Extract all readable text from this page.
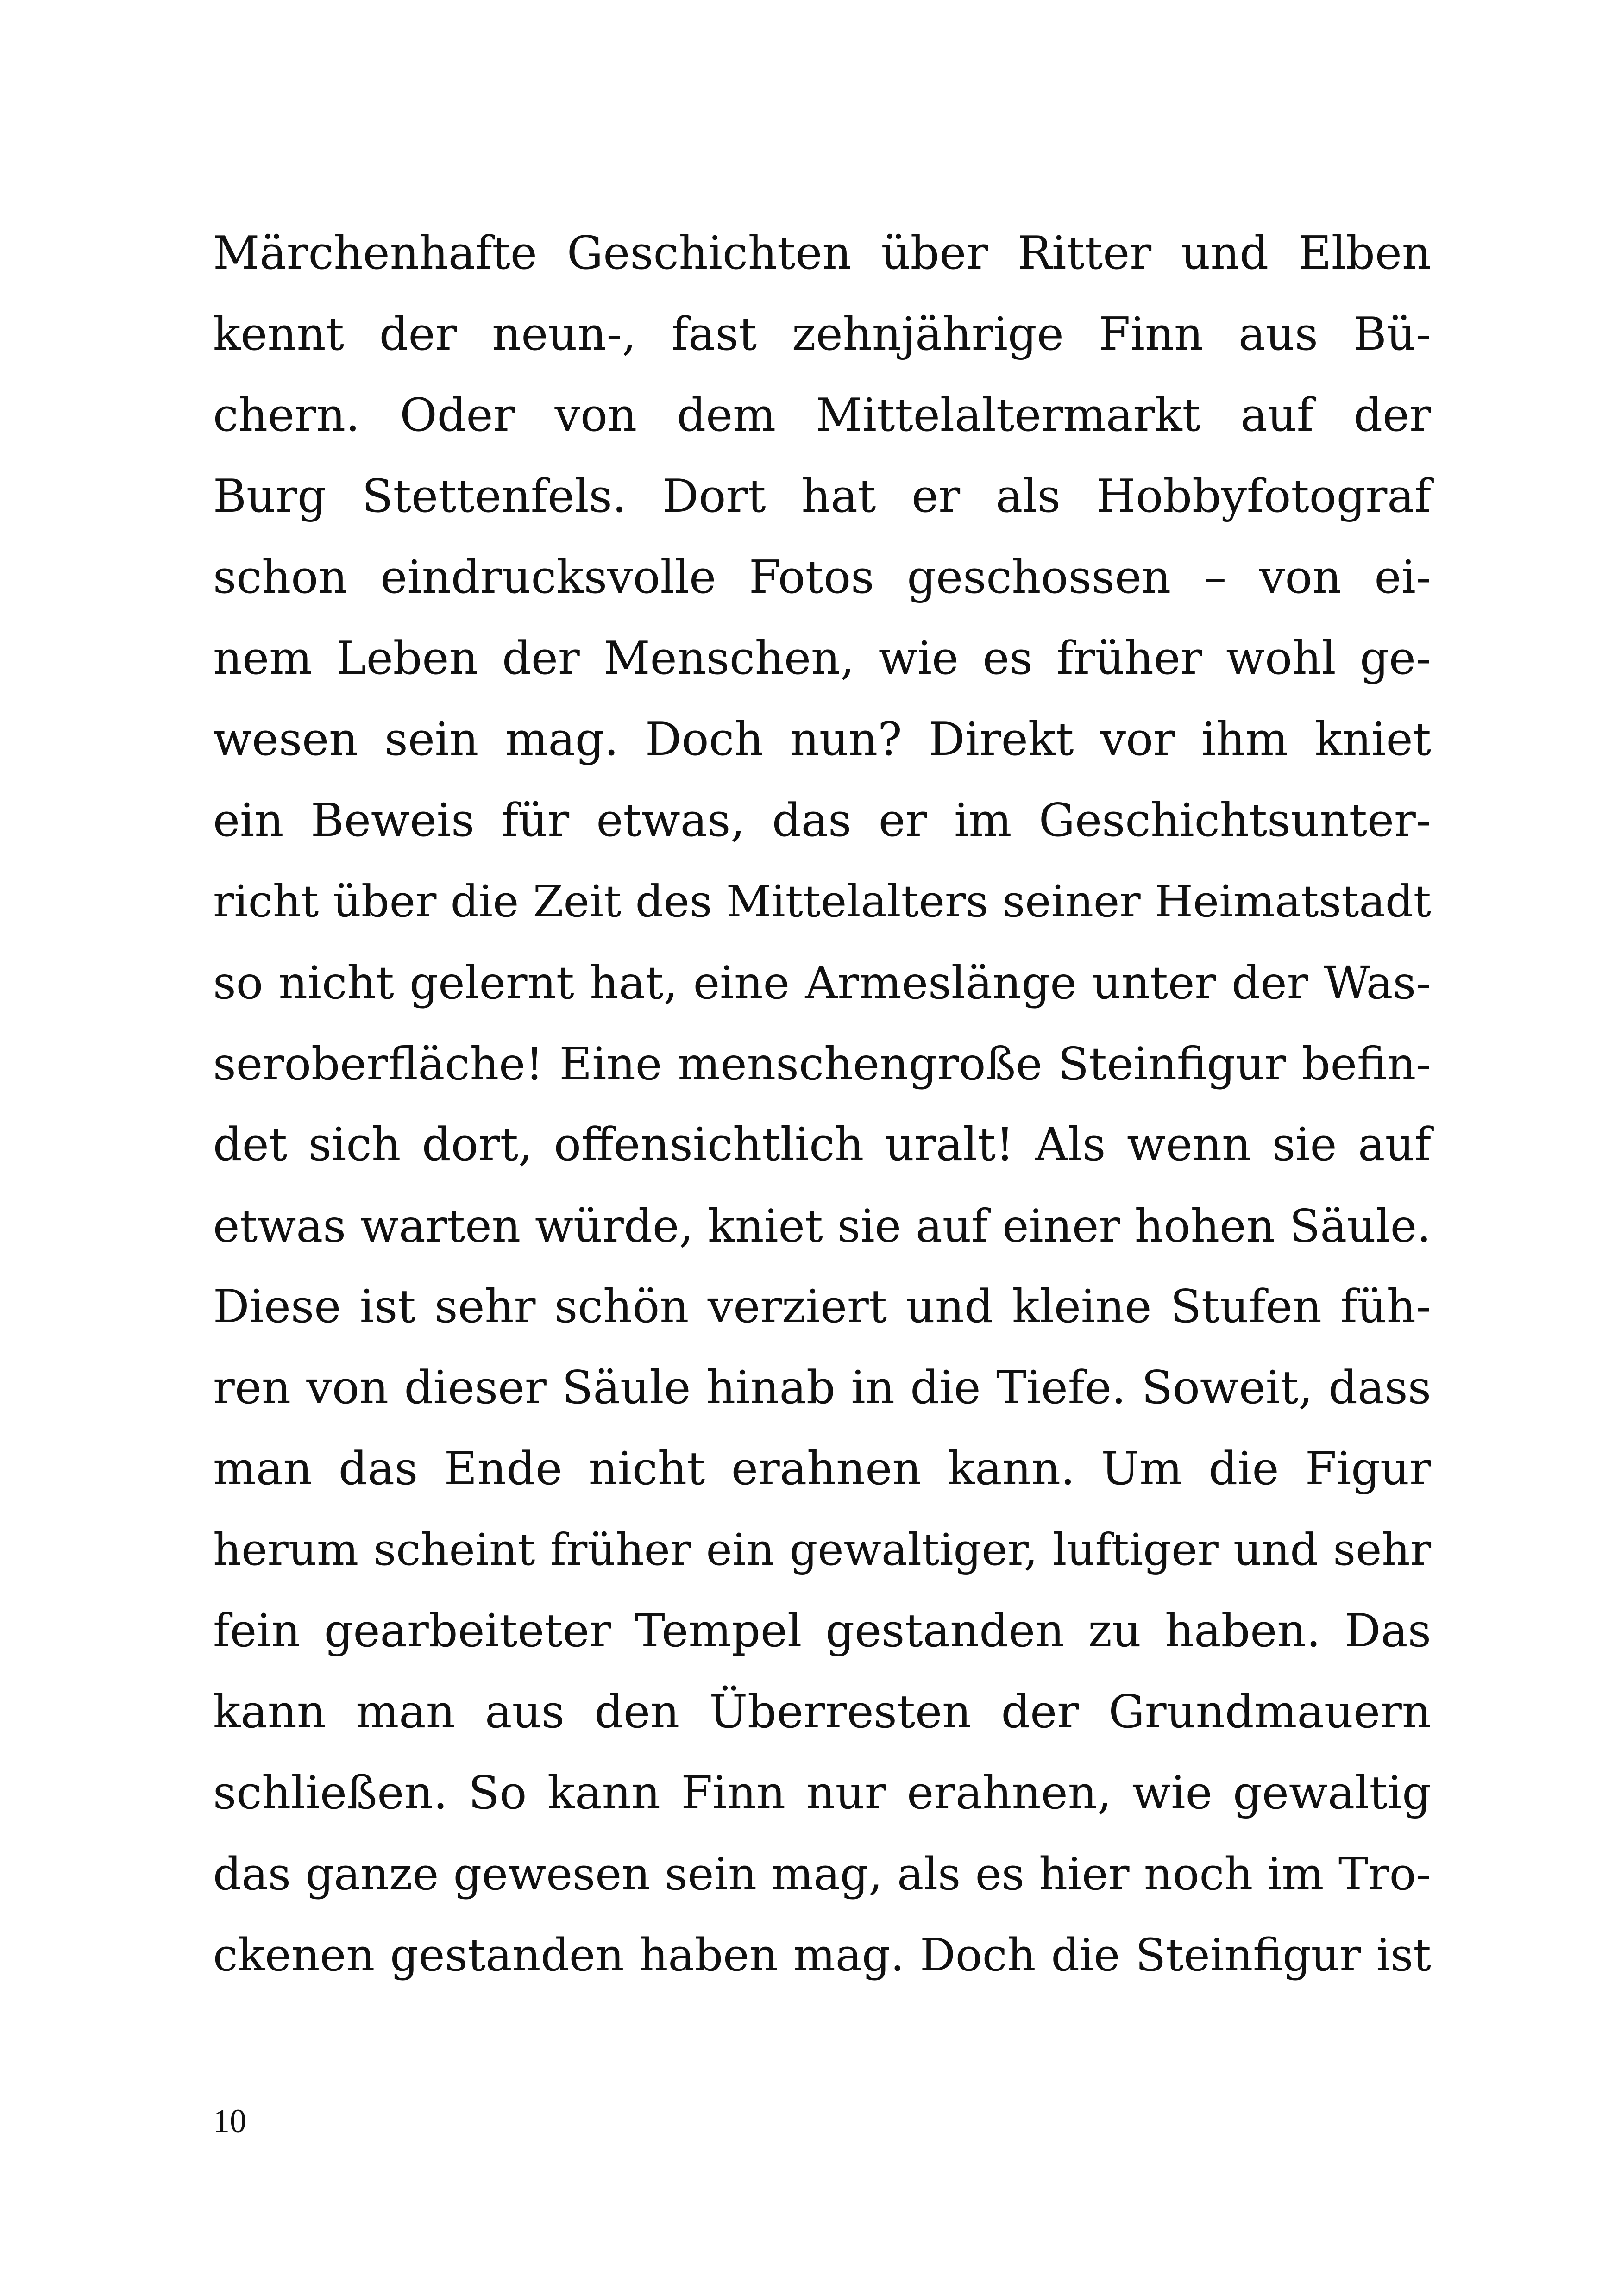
Märchenhafte Geschichten über Ritter und Elben
kennt der neun-, fast zehnjährige Finn aus Bü-
chern. Oder von dem Mittelaltermarkt auf der
Burg Stettenfels. Dort hat er als Hobbyfotograf
schon eindrucksvolle Fotos geschossen – von ei-
nem Leben der Menschen, wie es früher wohl ge-
wesen sein mag. Doch nun? Direkt vor ihm kniet
ein Beweis für etwas, das er im Geschichtsunter-
richt über die Zeit des Mittelalters seiner Heimatstadt
so nicht gelernt hat, eine Armeslänge unter der Was-
seroberfläche! Eine menschengroße Steinfigur befin-
det sich dort, offensichtlich uralt! Als wenn sie auf
etwas warten würde, kniet sie auf einer hohen Säule.
Diese ist sehr schön verziert und kleine Stufen füh-
ren von dieser Säule hinab in die Tiefe. Soweit, dass
man das Ende nicht erahnen kann. Um die Figur
herum scheint früher ein gewaltiger, luftiger und sehr
fein gearbeiteter Tempel gestanden zu haben. Das
kann man aus den Überresten der Grundmauern
schließen. So kann Finn nur erahnen, wie gewaltig
das ganze gewesen sein mag, als es hier noch im Tro-
ckenen gestanden haben mag. Doch die Steinfigur ist
10
